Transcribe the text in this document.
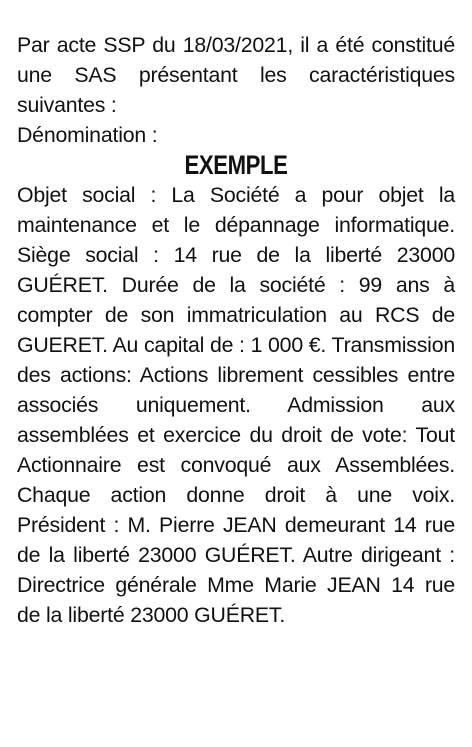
Par acte SSP du 18/03/2021, il a été constitué une SAS présentant les caractéristiques suivantes :

Dénomination :

EXEMPLE

Objet social : La Société a pour objet la maintenance et le dépannage informatique. Siège social : 14 rue de la liberté 23000 GUÉRET. Durée de la société : 99 ans à compter de son immatriculation au RCS de GUERET. Au capital de : 1 000 €. Transmission des actions: Actions librement cessibles entre associés uniquement. Admission aux assemblées et exercice du droit de vote: Tout Actionnaire est convoqué aux Assemblées. Chaque action donne droit à une voix. Président : M. Pierre JEAN demeurant 14 rue de la liberté 23000 GUÉRET. Autre dirigeant : Directrice générale Mme Marie JEAN 14 rue de la liberté 23000 GUÉRET.
